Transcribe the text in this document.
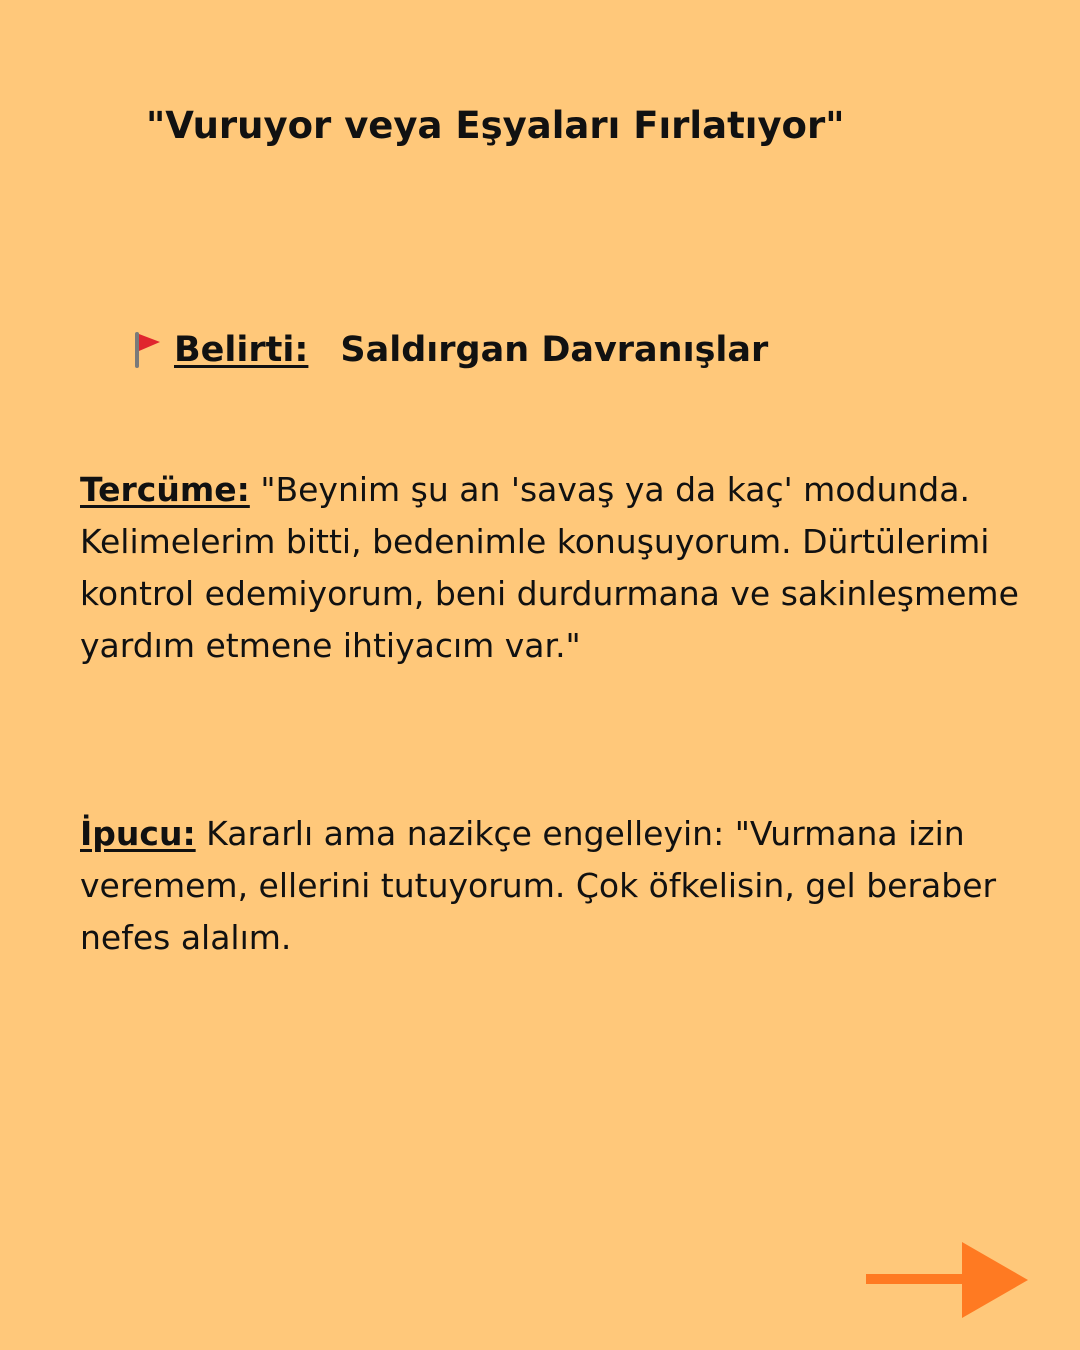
"Vuruyor veya Eşyaları Fırlatıyor"
Belirti: Saldırgan Davranışlar
Tercüme: "Beynim şu an 'savaş ya da kaç' modunda. Kelimelerim bitti, bedenimle konuşuyorum. Dürtülerimi kontrol edemiyorum, beni durdurmana ve sakinleşmeme yardım etmene ihtiyacım var."
İpucu: Kararlı ama nazikçe engelleyin: "Vurmana izin veremem, ellerini tutuyorum. Çok öfkelisin, gel beraber nefes alalım.
